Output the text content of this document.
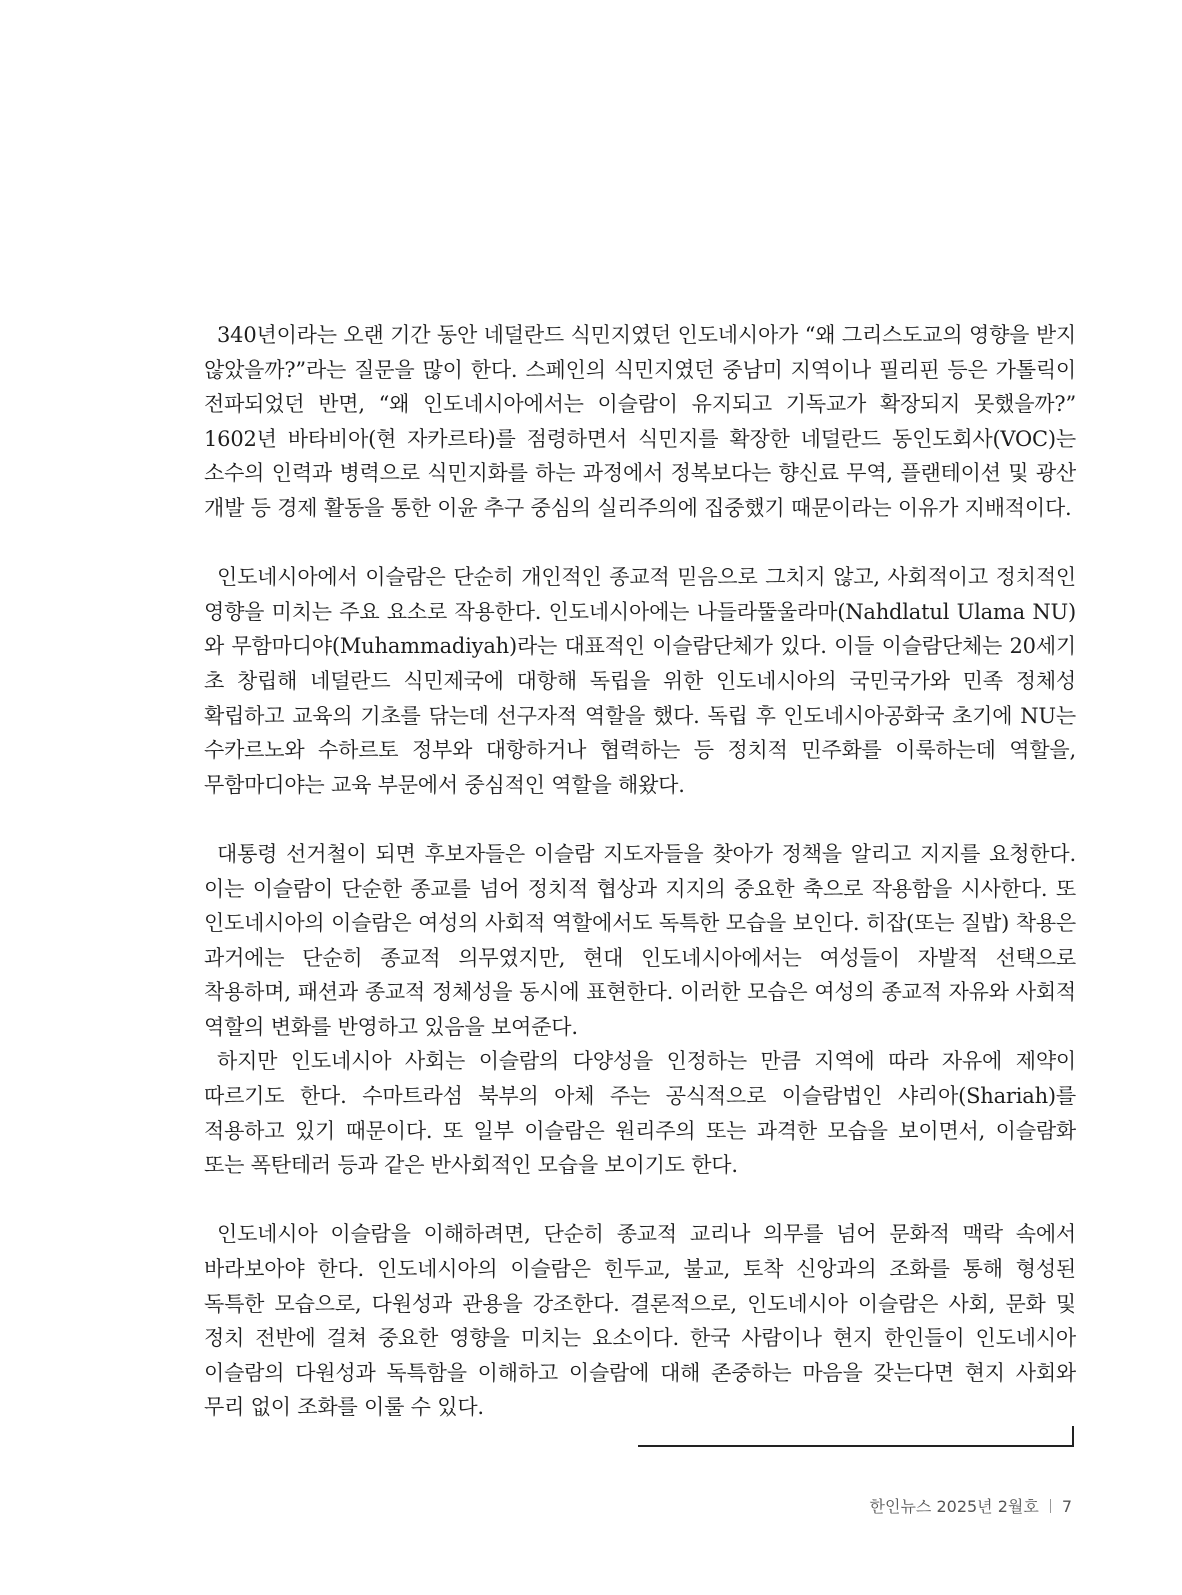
340년이라는 오랜 기간 동안 네덜란드 식민지였던 인도네시아가 “왜 그리스도교의 영향을 받지 않았을까?”라는 질문을 많이 한다. 스페인의 식민지였던 중남미 지역이나 필리핀 등은 가톨릭이 전파되었던 반면, “왜 인도네시아에서는 이슬람이 유지되고 기독교가 확장되지 못했을까?” 1602년 바타비아(현 자카르타)를 점령하면서 식민지를 확장한 네덜란드 동인도회사(VOC)는 소수의 인력과 병력으로 식민지화를 하는 과정에서 정복보다는 향신료 무역, 플랜테이션 및 광산 개발 등 경제 활동을 통한 이윤 추구 중심의 실리주의에 집중했기 때문이라는 이유가 지배적이다.

인도네시아에서 이슬람은 단순히 개인적인 종교적 믿음으로 그치지 않고, 사회적이고 정치적인 영향을 미치는 주요 요소로 작용한다. 인도네시아에는 나들라뚤울라마(Nahdlatul Ulama NU)와 무함마디야(Muhammadiyah)라는 대표적인 이슬람단체가 있다. 이들 이슬람단체는 20세기 초 창립해 네덜란드 식민제국에 대항해 독립을 위한 인도네시아의 국민국가와 민족 정체성 확립하고 교육의 기초를 닦는데 선구자적 역할을 했다. 독립 후 인도네시아공화국 초기에 NU는 수카르노와 수하르토 정부와 대항하거나 협력하는 등 정치적 민주화를 이룩하는데 역할을, 무함마디야는 교육 부문에서 중심적인 역할을 해왔다.

대통령 선거철이 되면 후보자들은 이슬람 지도자들을 찾아가 정책을 알리고 지지를 요청한다. 이는 이슬람이 단순한 종교를 넘어 정치적 협상과 지지의 중요한 축으로 작용함을 시사한다. 또 인도네시아의 이슬람은 여성의 사회적 역할에서도 독특한 모습을 보인다. 히잡(또는 질밥) 착용은 과거에는 단순히 종교적 의무였지만, 현대 인도네시아에서는 여성들이 자발적 선택으로 착용하며, 패션과 종교적 정체성을 동시에 표현한다. 이러한 모습은 여성의 종교적 자유와 사회적 역할의 변화를 반영하고 있음을 보여준다.

하지만 인도네시아 사회는 이슬람의 다양성을 인정하는 만큼 지역에 따라 자유에 제약이 따르기도 한다. 수마트라섬 북부의 아체 주는 공식적으로 이슬람법인 샤리아(Shariah)를 적용하고 있기 때문이다. 또 일부 이슬람은 원리주의 또는 과격한 모습을 보이면서, 이슬람화 또는 폭탄테러 등과 같은 반사회적인 모습을 보이기도 한다.

인도네시아 이슬람을 이해하려면, 단순히 종교적 교리나 의무를 넘어 문화적 맥락 속에서 바라보아야 한다. 인도네시아의 이슬람은 힌두교, 불교, 토착 신앙과의 조화를 통해 형성된 독특한 모습으로, 다원성과 관용을 강조한다. 결론적으로, 인도네시아 이슬람은 사회, 문화 및 정치 전반에 걸쳐 중요한 영향을 미치는 요소이다. 한국 사람이나 현지 한인들이 인도네시아 이슬람의 다원성과 독특함을 이해하고 이슬람에 대해 존중하는 마음을 갖는다면 현지 사회와 무리 없이 조화를 이룰 수 있다.

한인뉴스 2025년 2월호 7
